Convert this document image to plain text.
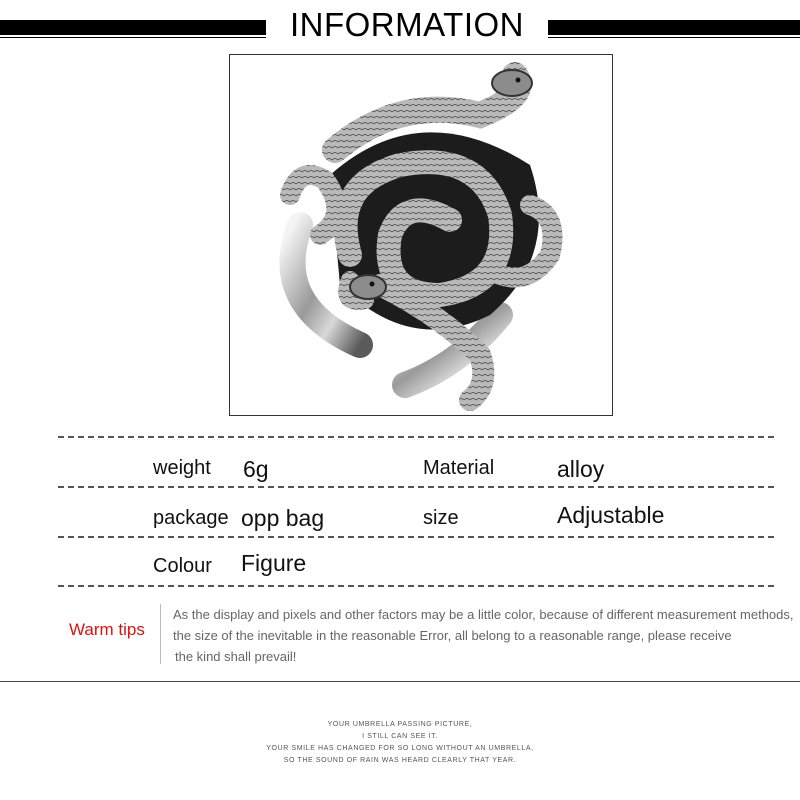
INFORMATION
weight 6g	Material	alloy
package opp bag	size	Adjustable
Colour Figure
Warm tips
As the display and pixels and other factors may be a little color, because of different measurement methods,
the size of the inevitable in the reasonable Error, all belong to a reasonable range, please receive
the kind shall prevail!
YOUR UMBRELLA PASSING PICTURE,
I STILL CAN SEE IT.
YOUR SMILE HAS CHANGED FOR SO LONG WITHOUT AN UMBRELLA,
SO THE SOUND OF RAIN WAS HEARD CLEARLY THAT YEAR.
